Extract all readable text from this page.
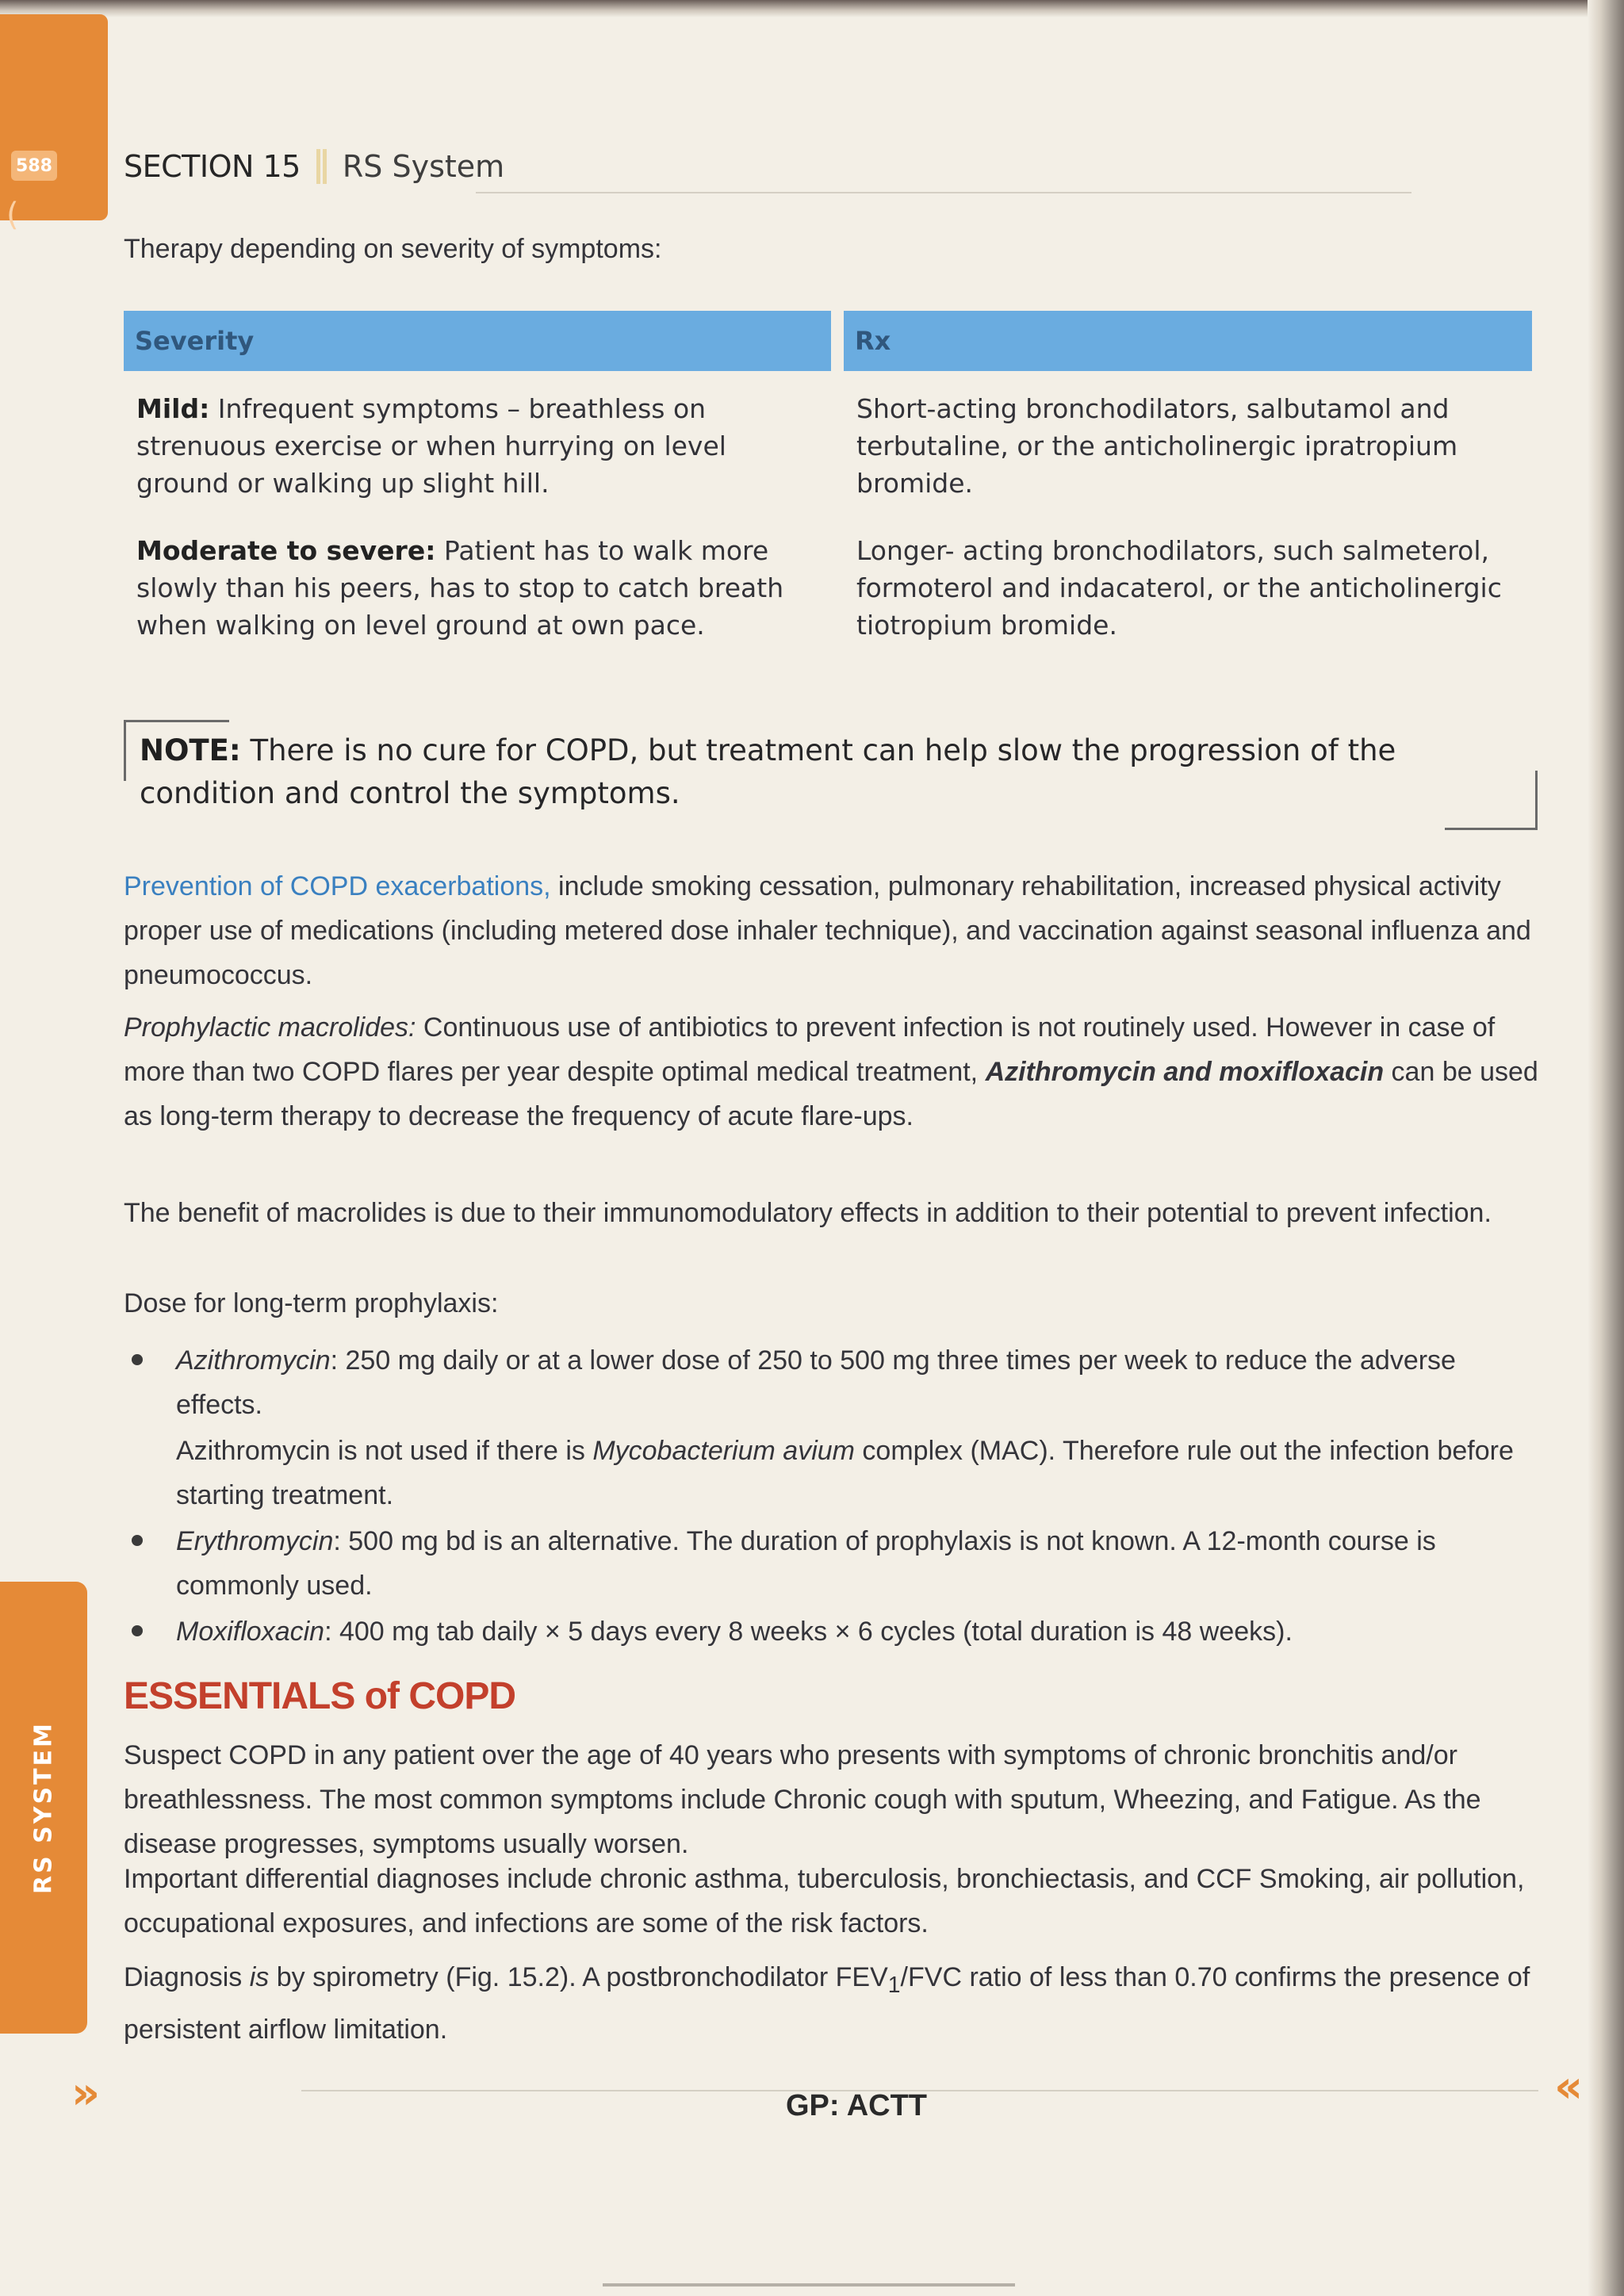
588
(
RS SYSTEM
SECTION 15 RS System
Therapy depending on severity of symptoms:
Severity	Rx
Mild: Infrequent symptoms – breathless on strenuous exercise or when hurrying on level ground or walking up slight hill.
Short-acting bronchodilators, salbutamol and terbutaline, or the anticholinergic ipratropium bromide.
Moderate to severe: Patient has to walk more slowly than his peers, has to stop to catch breath when walking on level ground at own pace.
Longer- acting bronchodilators, such salmeterol, formoterol and indacaterol, or the anticholinergic tiotropium bromide.
NOTE: There is no cure for COPD, but treatment can help slow the progression of the condition and control the symptoms.
Prevention of COPD exacerbations, include smoking cessation, pulmonary rehabilitation, increased physical activity proper use of medications (including metered dose inhaler technique), and vaccination against seasonal influenza and pneumococcus.
Prophylactic macrolides: Continuous use of antibiotics to prevent infection is not routinely used. However in case of more than two COPD flares per year despite optimal medical treatment, Azithromycin and moxifloxacin can be used as long-term therapy to decrease the frequency of acute flare-ups.
The benefit of macrolides is due to their immunomodulatory effects in addition to their potential to prevent infection.
Dose for long-term prophylaxis:
Azithromycin: 250 mg daily or at a lower dose of 250 to 500 mg three times per week to reduce the adverse effects.
Azithromycin is not used if there is Mycobacterium avium complex (MAC). Therefore rule out the infection before starting treatment.
Erythromycin: 500 mg bd is an alternative. The duration of prophylaxis is not known. A 12-month course is commonly used.
Moxifloxacin: 400 mg tab daily × 5 days every 8 weeks × 6 cycles (total duration is 48 weeks).
ESSENTIALS of COPD
Suspect COPD in any patient over the age of 40 years who presents with symptoms of chronic bronchitis and/or breathlessness. The most common symptoms include Chronic cough with sputum, Wheezing, and Fatigue. As the disease progresses, symptoms usually worsen.
Important differential diagnoses include chronic asthma, tuberculosis, bronchiectasis, and CCF Smoking, air pollution, occupational exposures, and infections are some of the risk factors.
Diagnosis is by spirometry (Fig. 15.2). A postbronchodilator $FEV_1$/FVC ratio of less than 0.70 confirms the presence of persistent airflow limitation.
»	«
GP: ACTT
